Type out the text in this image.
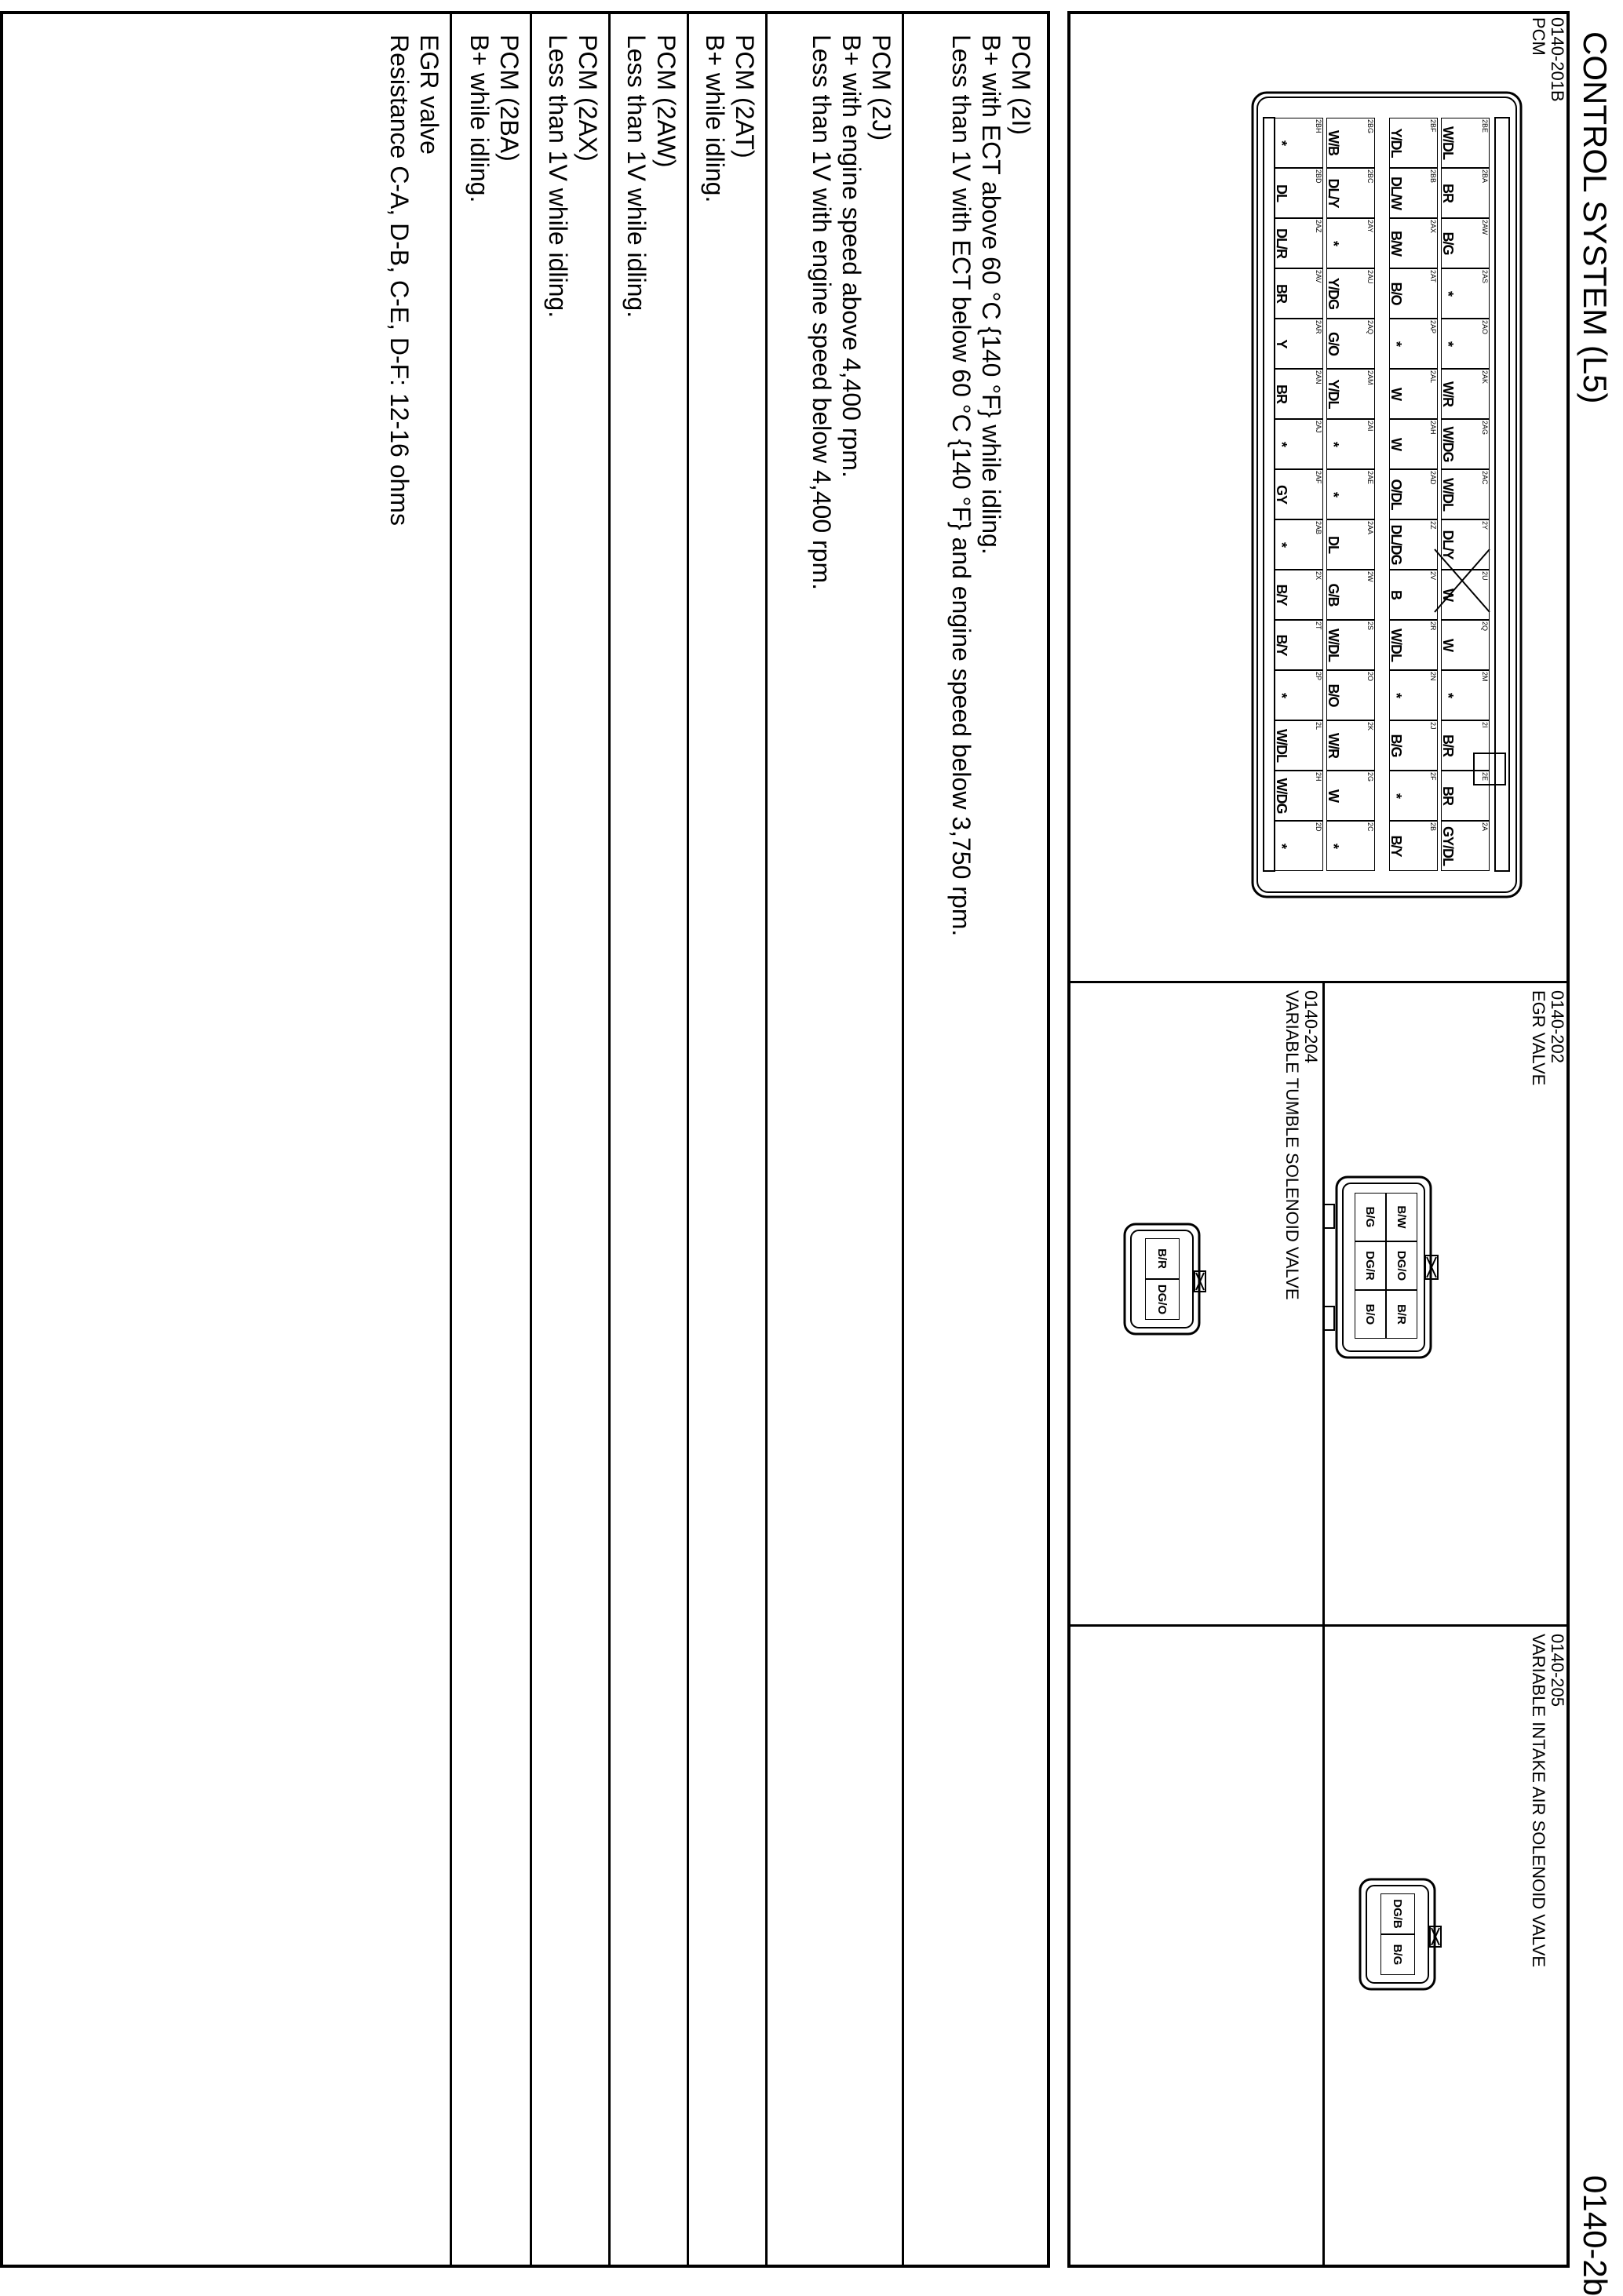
CONTROL SYSTEM (L5)
0140-2b
0140-201B
PCM
0140-202
EGR VALVE
0140-204
VARIABLE TUMBLE SOLENOID VALVE
0140-205
VARIABLE INTAKE AIR SOLENOID VALVE
2BE
W/DL
2BA
BR
2AW
B/G
2AS
*
2AO
*
2AK
W/R
2AG
W/DG
2AC
W/DL
2Y
DL/Y
2U
W
2Q
W
2M
*
2I
B/R
2E
BR
2A
GY/DL
2BF
Y/DL
2BB
DL/W
2AX
B/W
2AT
B/O
2AP
*
2AL
W
2AH
W
2AD
O/DL
2Z
DL/DG
2V
B
2R
W/DL
2N
*
2J
B/G
2F
*
2B
B/Y
2BG
W/B
2BC
DL/Y
2AY
*
2AU
Y/DG
2AQ
G/O
2AM
Y/DL
2AI
*
2AE
*
2AA
DL
2W
G/B
2S
W/DL
2O
B/O
2K
W/R
2G
W
2C
*
2BH
*
2BD
DL
2AZ
DL/R
2AV
BR
2AR
Y
2AN
BR
2AJ
*
2AF
GY
2AB
*
2X
B/Y
2T
B/Y
2P
*
2L
W/DL
2H
W/DG
2D
*
B/W
DG/O
B/R
B/G
DG/R
B/O
B/R
DG/O
DG/B
B/G
PCM (2I)
B+ with ECT above 60 °C {140 °F} while idling.
Less than 1V with ECT below 60 °C {140 °F} and engine speed below 3,750 rpm.
PCM (2J)
B+ with engine speed above 4,400 rpm.
Less than 1V with engine speed below 4,400 rpm.
PCM (2AT)
B+ while idling.
PCM (2AW)
Less than 1V while idling.
PCM (2AX)
Less than 1V while idling.
PCM (2BA)
B+ while idling.
EGR valve
Resistance C-A, D-B, C-E, D-F: 12-16 ohms
